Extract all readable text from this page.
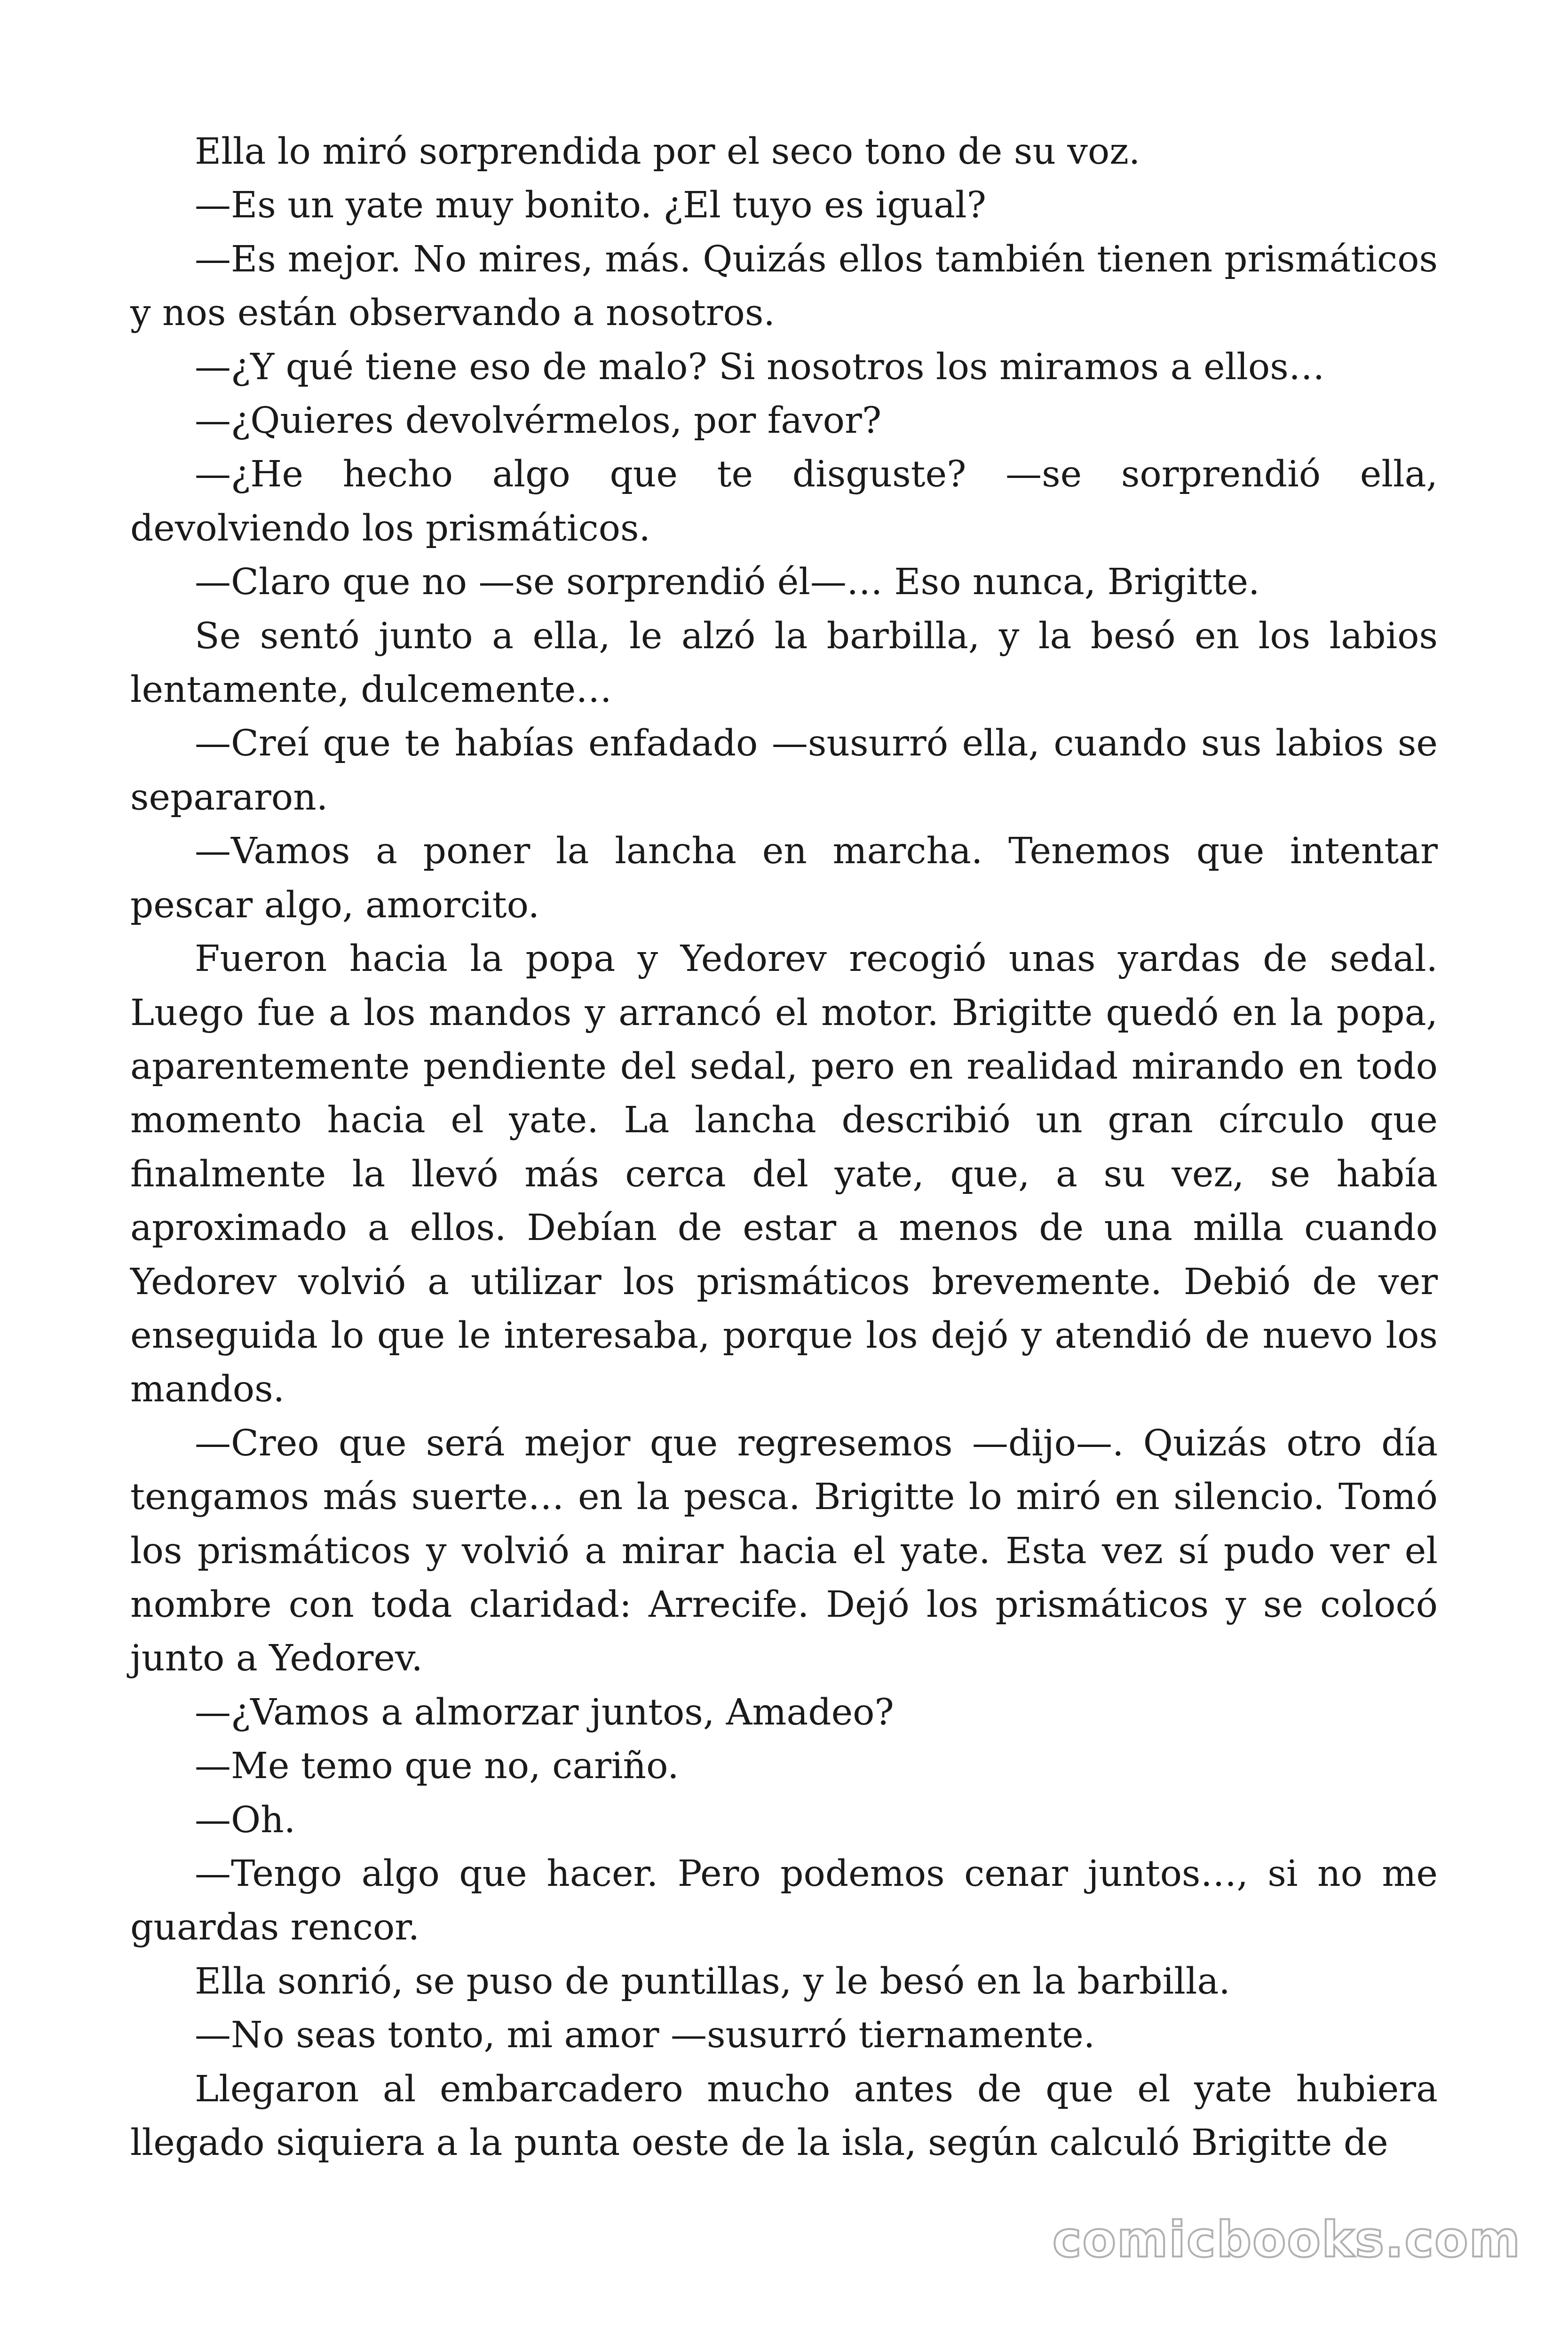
Ella lo miró sorprendida por el seco tono de su voz.

—Es un yate muy bonito. ¿El tuyo es igual?

—Es mejor. No mires, más. Quizás ellos también tienen prismáticos y nos están observando a nosotros.

—¿Y qué tiene eso de malo? Si nosotros los miramos a ellos…

—¿Quieres devolvérmelos, por favor?

—¿He hecho algo que te disguste? —se sorprendió ella, devolviendo los prismáticos.

—Claro que no —se sorprendió él—… Eso nunca, Brigitte.

Se sentó junto a ella, le alzó la barbilla, y la besó en los labios lentamente, dulcemente…

—Creí que te habías enfadado —susurró ella, cuando sus labios se separaron.

—Vamos a poner la lancha en marcha. Tenemos que intentar pescar algo, amorcito.

Fueron hacia la popa y Yedorev recogió unas yardas de sedal. Luego fue a los mandos y arrancó el motor. Brigitte quedó en la popa, aparentemente pendiente del sedal, pero en realidad mirando en todo momento hacia el yate. La lancha describió un gran círculo que finalmente la llevó más cerca del yate, que, a su vez, se había aproximado a ellos. Debían de estar a menos de una milla cuando Yedorev volvió a utilizar los prismáticos brevemente. Debió de ver enseguida lo que le interesaba, porque los dejó y atendió de nuevo los mandos.

—Creo que será mejor que regresemos —dijo—. Quizás otro día tengamos más suerte… en la pesca. Brigitte lo miró en silencio. Tomó los prismáticos y volvió a mirar hacia el yate. Esta vez sí pudo ver el nombre con toda claridad: Arrecife. Dejó los prismáticos y se colocó junto a Yedorev.

—¿Vamos a almorzar juntos, Amadeo?

—Me temo que no, cariño.

—Oh.

—Tengo algo que hacer. Pero podemos cenar juntos…, si no me guardas rencor.

Ella sonrió, se puso de puntillas, y le besó en la barbilla.

—No seas tonto, mi amor —susurró tiernamente.

Llegaron al embarcadero mucho antes de que el yate hubiera llegado siquiera a la punta oeste de la isla, según calculó Brigitte de

comicbooks.com
